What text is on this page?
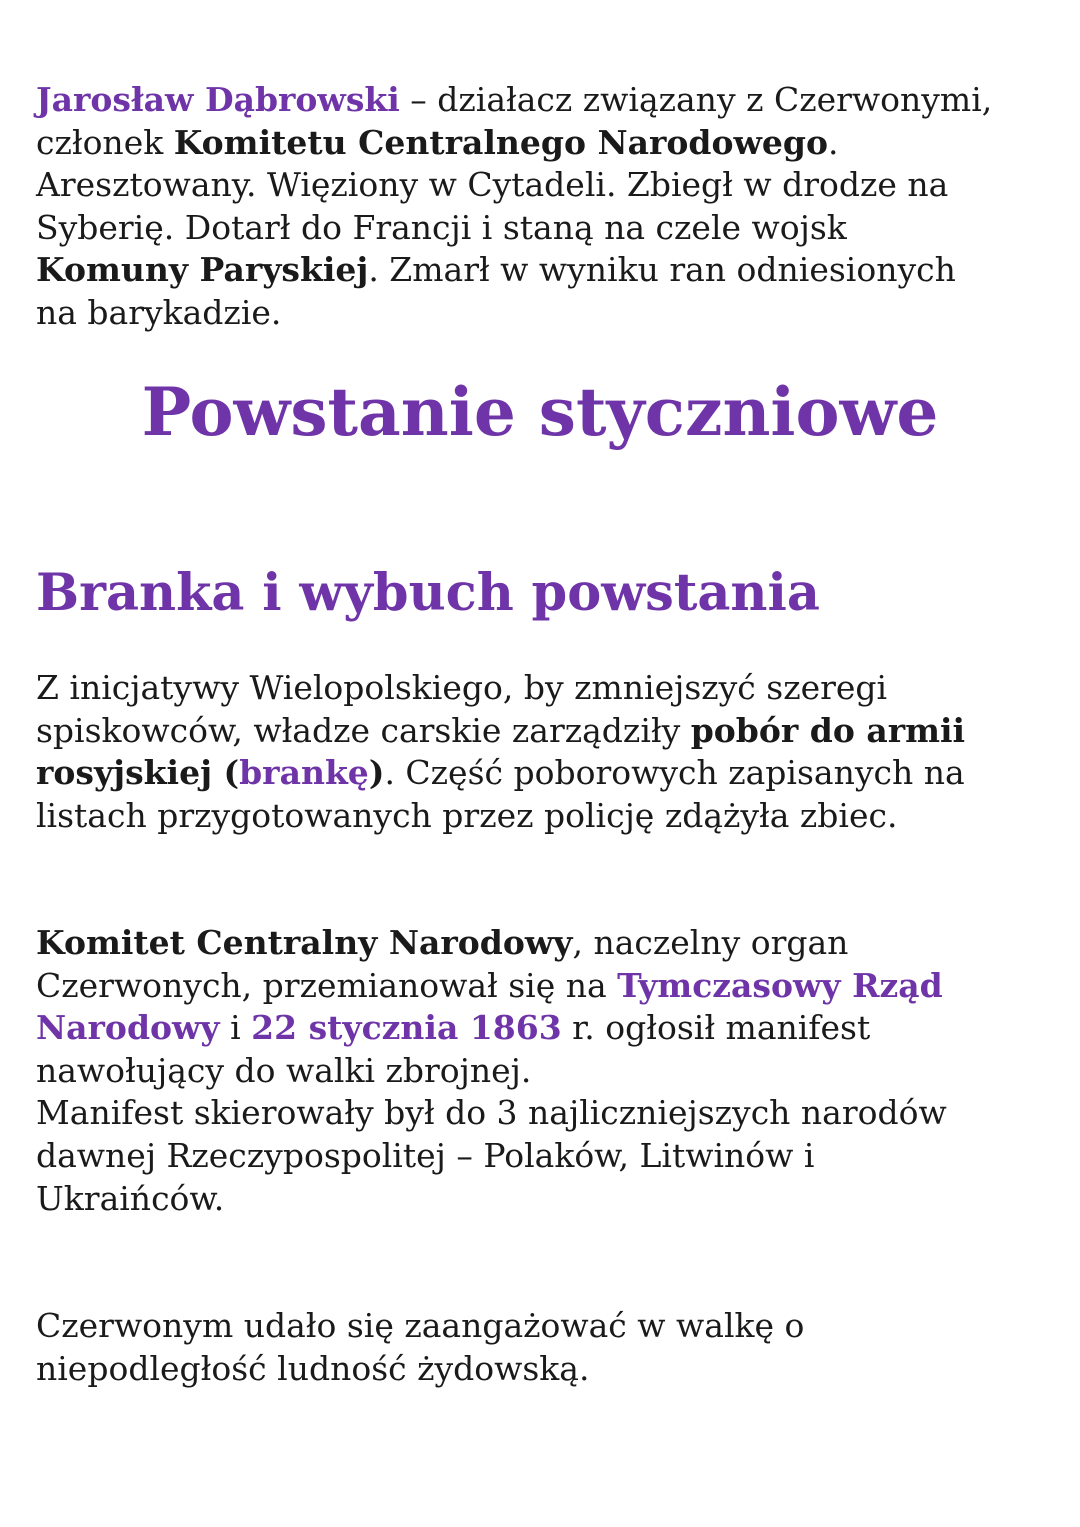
Jarosław Dąbrowski – działacz związany z Czerwonymi,
członek Komitetu Centralnego Narodowego.
Aresztowany. Więziony w Cytadeli. Zbiegł w drodze na
Syberię. Dotarł do Francji i staną na czele wojsk
Komuny Paryskiej. Zmarł w wyniku ran odniesionych
na barykadzie.
Powstanie styczniowe
Branka i wybuch powstania
Z inicjatywy Wielopolskiego, by zmniejszyć szeregi
spiskowców, władze carskie zarządziły pobór do armii
rosyjskiej (brankę). Część poborowych zapisanych na
listach przygotowanych przez policję zdążyła zbiec.
Komitet Centralny Narodowy, naczelny organ
Czerwonych, przemianował się na Tymczasowy Rząd
Narodowy i 22 stycznia 1863 r. ogłosił manifest
nawołujący do walki zbrojnej.
Manifest skierowały był do 3 najliczniejszych narodów
dawnej Rzeczypospolitej – Polaków, Litwinów i
Ukraińców.
Czerwonym udało się zaangażować w walkę o
niepodległość ludność żydowską.
